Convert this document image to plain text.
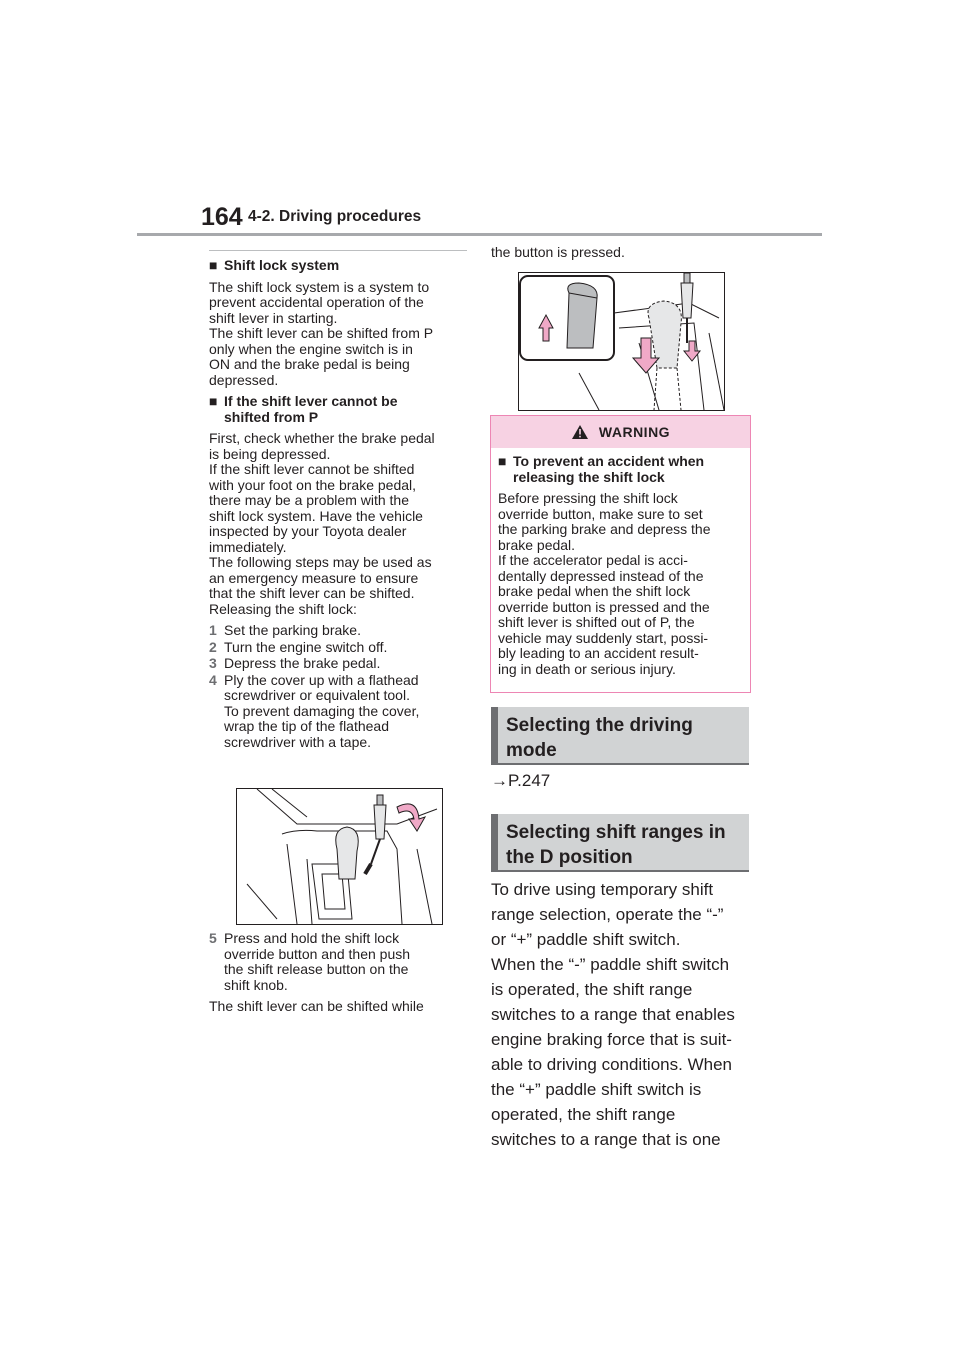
164 4-2. Driving procedures
■ Shift lock system
The shift lock system is a system to
prevent accidental operation of the
shift lever in starting.
The shift lever can be shifted from P
only when the engine switch is in
ON and the brake pedal is being
depressed.
■ If the shift lever cannot be
shifted from P
First, check whether the brake pedal
is being depressed.
If the shift lever cannot be shifted
with your foot on the brake pedal,
there may be a problem with the
shift lock system. Have the vehicle
inspected by your Toyota dealer
immediately.
The following steps may be used as
an emergency measure to ensure
that the shift lever can be shifted.
Releasing the shift lock:
1 Set the parking brake.
2 Turn the engine switch off.
3 Depress the brake pedal.
4 Ply the cover up with a flathead
screwdriver or equivalent tool.
To prevent damaging the cover,
wrap the tip of the flathead
screwdriver with a tape.
5 Press and hold the shift lock
override button and then push
the shift release button on the
shift knob.
The shift lever can be shifted while
the button is pressed.
WARNING
■ To prevent an accident when
releasing the shift lock
Before pressing the shift lock
override button, make sure to set
the parking brake and depress the
brake pedal.
If the accelerator pedal is acci-
dentally depressed instead of the
brake pedal when the shift lock
override button is pressed and the
shift lever is shifted out of P, the
vehicle may suddenly start, possi-
bly leading to an accident result-
ing in death or serious injury.
Selecting the driving
mode
→P.247
Selecting shift ranges in
the D position
To drive using temporary shift
range selection, operate the “-”
or “+” paddle shift switch.
When the “-” paddle shift switch
is operated, the shift range
switches to a range that enables
engine braking force that is suit-
able to driving conditions. When
the “+” paddle shift switch is
operated, the shift range
switches to a range that is one
